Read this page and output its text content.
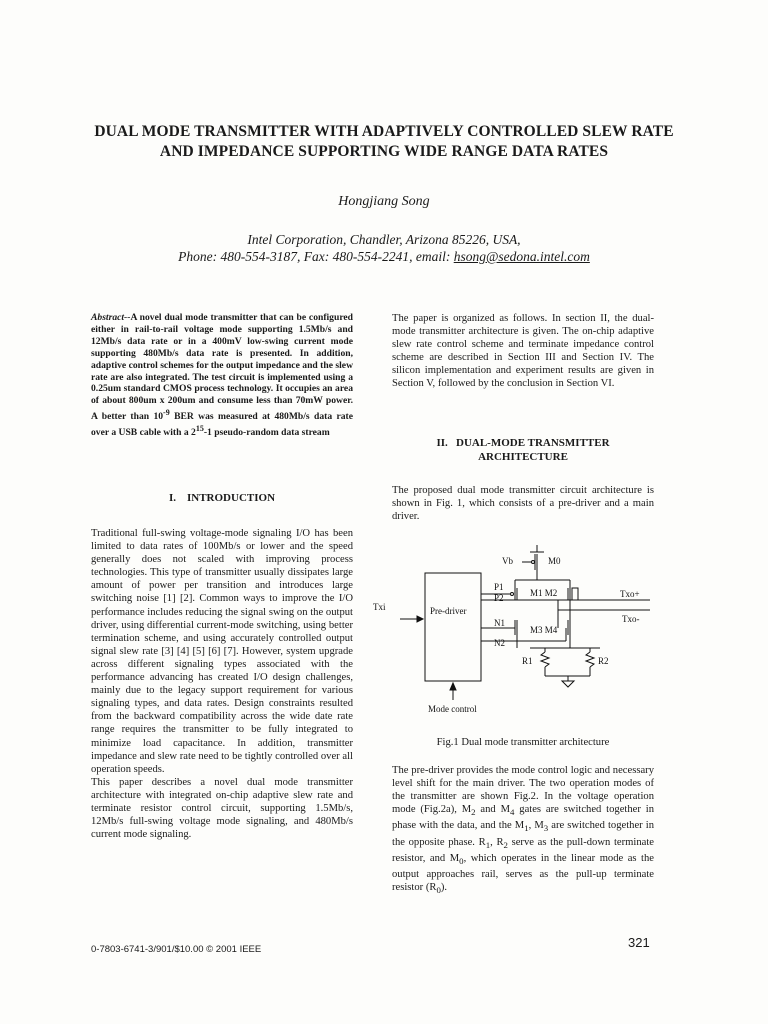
DUAL MODE TRANSMITTER WITH ADAPTIVELY CONTROLLED SLEW RATE AND IMPEDANCE SUPPORTING WIDE RANGE DATA RATES
Hongjiang Song
Intel Corporation, Chandler, Arizona 85226, USA,
Phone: 480-554-3187, Fax: 480-554-2241, email: hsong@sedona.intel.com
Abstract--A novel dual mode transmitter that can be configured either in rail-to-rail voltage mode supporting 1.5Mb/s and 12Mb/s data rate or in a 400mV low-swing current mode supporting 480Mb/s data rate is presented. In addition, adaptive control schemes for the output impedance and the slew rate are also integrated. The test circuit is implemented using a 0.25um standard CMOS process technology. It occupies an area of about 800um x 200um and consume less than 70mW power. A better than $10^{-9}$ BER was measured at 480Mb/s data rate over a USB cable with a $2^{15}-1$ pseudo-random data stream
I.    INTRODUCTION

Traditional full-swing voltage-mode signaling I/O has been limited to data rates of 100Mb/s or lower and the speed generally does not scaled with improving process technologies. This type of transmitter usually dissipates large amount of power per transition and introduces large switching noise [1] [2]. Common ways to improve the I/O performance includes reducing the signal swing on the output driver, using differential current-mode switching, using better termination scheme, and using accurately controlled output signal slew rate [3] [4] [5] [6] [7]. However, system upgrade across different signaling types associated with the performance advancing has created I/O design challenges, mainly due to the legacy support requirement for various signaling types, and data rates. Design constraints resulted from the backward compatibility across the wide date rate range requires the transmitter to be fully integrated to minimize load capacitance. In addition, transmitter impedance and slew rate need to be tightly controlled over all operation speeds.

This paper describes a novel dual mode transmitter architecture with integrated on-chip adaptive slew rate and terminate resistor control circuit, supporting 1.5Mb/s, 12Mb/s full-swing voltage mode signaling, and 480Mb/s current mode signaling.

The paper is organized as follows. In section II, the dual-mode transmitter architecture is given. The on-chip adaptive slew rate control scheme and terminate impedance control scheme are described in Section III and Section IV. The silicon implementation and experiment results are given in Section V, followed by the conclusion in Section VI.
II.   DUAL-MODE TRANSMITTER
ARCHITECTURE
The proposed dual mode transmitter circuit architecture is shown in Fig. 1, which consists of a pre-driver and a main driver.
Vb	M0
P1
P2	M1 M2
Txi	Pre-driver
N1
N2
M3 M4
Txo+
Txo-
R1	R2
Mode control
Fig.1 Dual mode transmitter architecture
The pre-driver provides the mode control logic and necessary level shift for the main driver. The two operation modes of the transmitter are shown Fig.2. In the voltage operation mode (Fig.2a), $M_2$ and $M_4$ gates are switched together in phase with the data, and the $M_1$, $M_3$ are switched together in the opposite phase. $R_1$, $R_2$ serve as the pull-down terminate resistor, and $M_0$, which operates in the linear mode as the output approaches rail, serves as the pull-up terminate resistor $(R_0)$.
0-7803-6741-3/901/$10.00 © 2001 IEEE	321
